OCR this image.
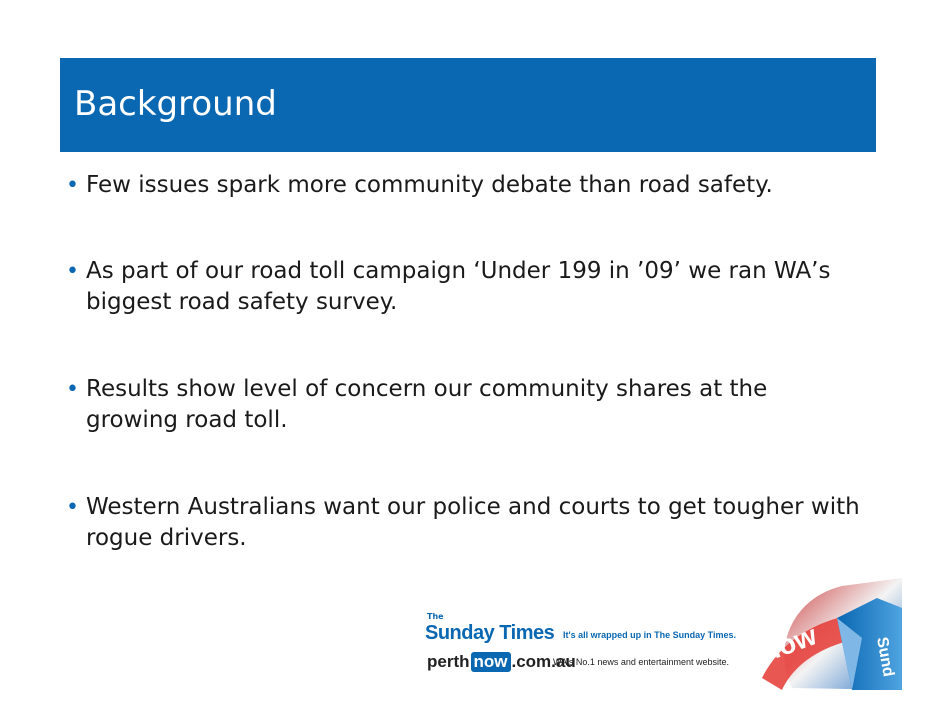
Background
• Few issues spark more community debate than road safety.
• As part of our road toll campaign ‘Under 199 in ’09’ we ran WA’s biggest road safety survey.
• Results show level of concern our community shares at the growing road toll.
• Western Australians want our police and courts to get tougher with rogue drivers.
The
Sunday Times It's all wrapped up in The Sunday Times.
perth now .com.au
WA's No.1 news and entertainment website. now	Sund
